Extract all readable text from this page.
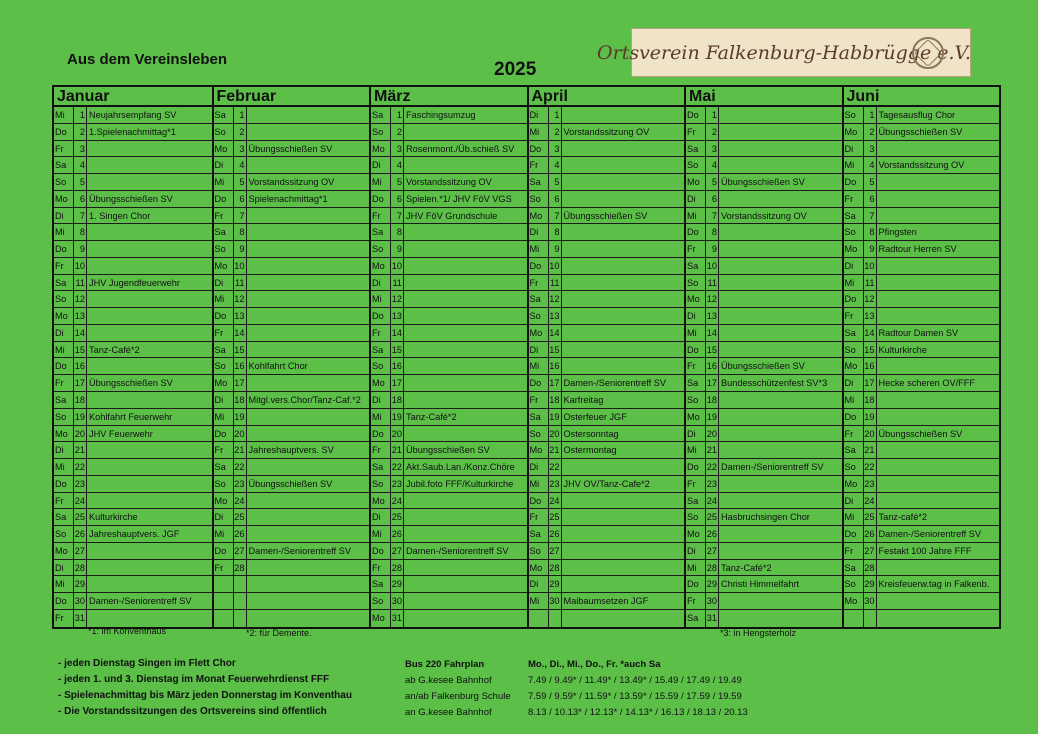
Aus dem Vereinsleben	2025
Ortsverein Falkenburg-Habbrügge e.V.
Januar
Mi	1 Neujahrsempfang SV
Do	2 1.Spielenachmittag*1
Fr	3
Sa	4
So	5
Mo	6 Übungsschießen SV
Di	7 1. Singen Chor
Mi	8
Do	9
Fr	10
Sa	11 JHV Jugendfeuerwehr
So 12
Mo 13
Di	14
Mi	15 Tanz-Café*2
Do 16
Fr	17 Übungsschießen SV
Sa 18
So 19 Kohlfahrt Feuerwehr
Mo 20 JHV Feuerwehr
Di	21
Mi	22
Do 23
Fr	24
Sa 25 Kulturkirche
So 26 Jahreshauptvers. JGF
Mo 27
Di	28
Mi	29
Do 30 Damen-/Seniorentreff SV
Fr	31
Februar
Sa	1
So	2
Mo	3 Übungsschießen SV
Di	4
Mi	5 Vorstandssitzung OV
Do	6 Spielenachmittag*1
Fr	7
Sa	8
So	9
Mo 10
Di	11
Mi	12
Do 13
Fr	14
Sa 15
So 16 Kohlfahrt Chor
Mo 17
Di	18 Mitgl.vers.Chor/Tanz-Caf.*2
Mi	19
Do 20
Fr	21 Jahreshauptvers. SV
Sa 22
So 23 Übungsschießen SV
Mo 24
Di	25
Mi	26
Do 27 Damen-/Seniorentreff SV
Fr	28
März
Sa	1 Faschingsumzug
So	2
Mo	3 Rosenmont./Üb.schieß SV
Di	4
Mi	5 Vorstandssitzung OV
Do	6 Spielen.*1/ JHV FöV VGS
Fr	7 JHV FöV Grundschule
Sa	8
So	9
Mo 10
Di	11
Mi	12
Do 13
Fr	14
Sa 15
So 16
Mo 17
Di	18
Mi	19 Tanz-Café*2
Do 20
Fr	21 Übungsschießen SV
Sa 22 Akt.Saub.Lan./Konz.Chöre
So 23 Jubil.foto FFF/Kulturkirche
Mo 24
Di	25
Mi	26
Do 27 Damen-/Seniorentreff SV
Fr	28
Sa 29
So 30
Mo 31
April
Di	1
Mi	2 Vorstandssitzung OV
Do	3
Fr	4
Sa	5
So	6
Mo	7 Übungsschießen SV
Di	8
Mi	9
Do 10
Fr	11
Sa 12
So 13
Mo 14
Di	15
Mi	16
Do 17 Damen-/Seniorentreff SV
Fr	18 Karfreitag
Sa 19 Osterfeuer JGF
So 20 Ostersonntag
Mo 21 Ostermontag
Di	22
Mi	23 JHV OV/Tanz-Cafe*2
Do 24
Fr	25
Sa 26
So 27
Mo 28
Di	29
Mi	30 Maibaumsetzen JGF
Mai
Do	1
Fr	2
Sa	3
So	4
Mo	5 Übungsschießen SV
Di	6
Mi	7 Vorstandssitzung OV
Do	8
Fr	9
Sa 10
So	11
Mo 12
Di	13
Mi	14
Do 15
Fr	16 Übungsschießen SV
Sa 17 Bundesschützenfest SV*3
So 18
Mo 19
Di	20
Mi	21
Do 22 Damen-/Seniorentreff SV
Fr	23
Sa 24
So 25 Hasbruchsingen Chor
Mo 26
Di	27
Mi	28 Tanz-Café*2
Do 29 Christi Himmelfahrt
Fr	30
Sa 31
Juni
So	1 Tagesausflug Chor
Mo	2 Übungsschießen SV
Di	3
Mi	4 Vorstandssitzung OV
Do	5
Fr	6
Sa	7
So	8 Pfingsten
Mo	9 Radtour Herren SV
Di	10
Mi	11
Do 12
Fr	13
Sa 14 Radtour Damen SV
So 15 Kulturkirche
Mo 16
Di	17 Hecke scheren OV/FFF
Mi	18
Do 19
Fr	20 Übungsschießen SV
Sa 21
So 22
Mo 23
Di	24
Mi	25 Tanz-café*2
Do 26 Damen-/Seniorentreff SV
Fr	27 Festakt 100 Jahre FFF
Sa 28
So 29 Kreisfeuerw.tag in Falkenb.
Mo 30
*1: im Konventhaus	*2: für Demente.	*3: in Hengsterholz
- jeden Dienstag Singen im Flett Chor
- jeden 1. und 3. Dienstag im Monat Feuerwehrdienst FFF
- Spielenachmittag bis März jeden Donnerstag im Konventhau
- Die Vorstandssitzungen des Ortsvereins sind öffentlich
Bus 220 Fahrplan	Mo., Di., Mi., Do., Fr. *auch Sa
ab G.kesee Bahnhof	7.49 / 9.49* / 11.49* / 13.49* / 15.49 / 17.49 / 19.49
an/ab Falkenburg Schule	7.59 / 9.59* / 11.59* / 13.59* / 15.59 / 17.59 / 19.59
an G.kesee Bahnhof	8.13 / 10.13* / 12.13* / 14.13* / 16.13 / 18.13 / 20.13
